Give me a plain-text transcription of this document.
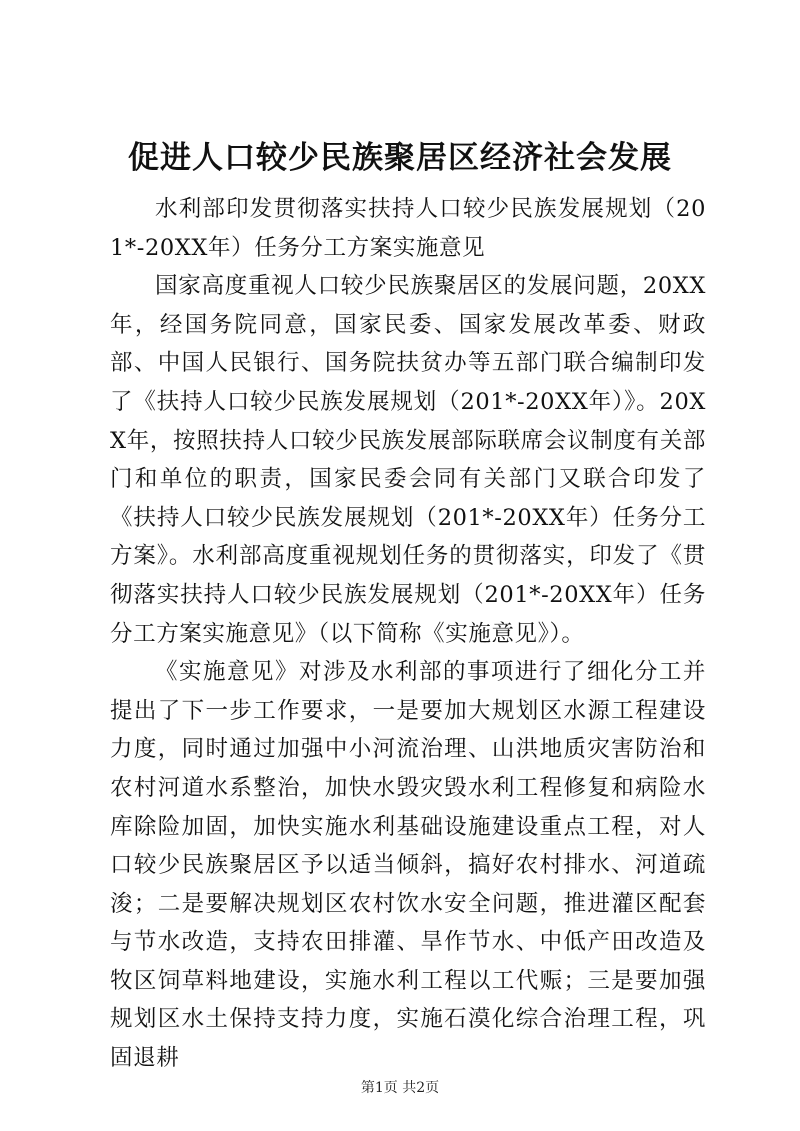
促进人口较少民族聚居区经济社会发展

水利部印发贯彻落实扶持人口较少民族发展规划（201*-20XX年）任务分工方案实施意见

国家高度重视人口较少民族聚居区的发展问题，20XX年，经国务院同意，国家民委、国家发展改革委、财政部、中国人民银行、国务院扶贫办等五部门联合编制印发了《扶持人口较少民族发展规划（201*-20XX年）》。20XX年，按照扶持人口较少民族发展部际联席会议制度有关部门和单位的职责，国家民委会同有关部门又联合印发了《扶持人口较少民族发展规划（201*-20XX年）任务分工方案》。水利部高度重视规划任务的贯彻落实，印发了《贯彻落实扶持人口较少民族发展规划（201*-20XX年）任务分工方案实施意见》（以下简称《实施意见》）。

《实施意见》对涉及水利部的事项进行了细化分工并提出了下一步工作要求，一是要加大规划区水源工程建设力度，同时通过加强中小河流治理、山洪地质灾害防治和农村河道水系整治，加快水毁灾毁水利工程修复和病险水库除险加固，加快实施水利基础设施建设重点工程，对人口较少民族聚居区予以适当倾斜，搞好农村排水、河道疏浚；二是要解决规划区农村饮水安全问题，推进灌区配套与节水改造，支持农田排灌、旱作节水、中低产田改造及牧区饲草料地建设，实施水利工程以工代赈；三是要加强规划区水土保持支持力度，实施石漠化综合治理工程，巩固退耕

第1页 共2页
